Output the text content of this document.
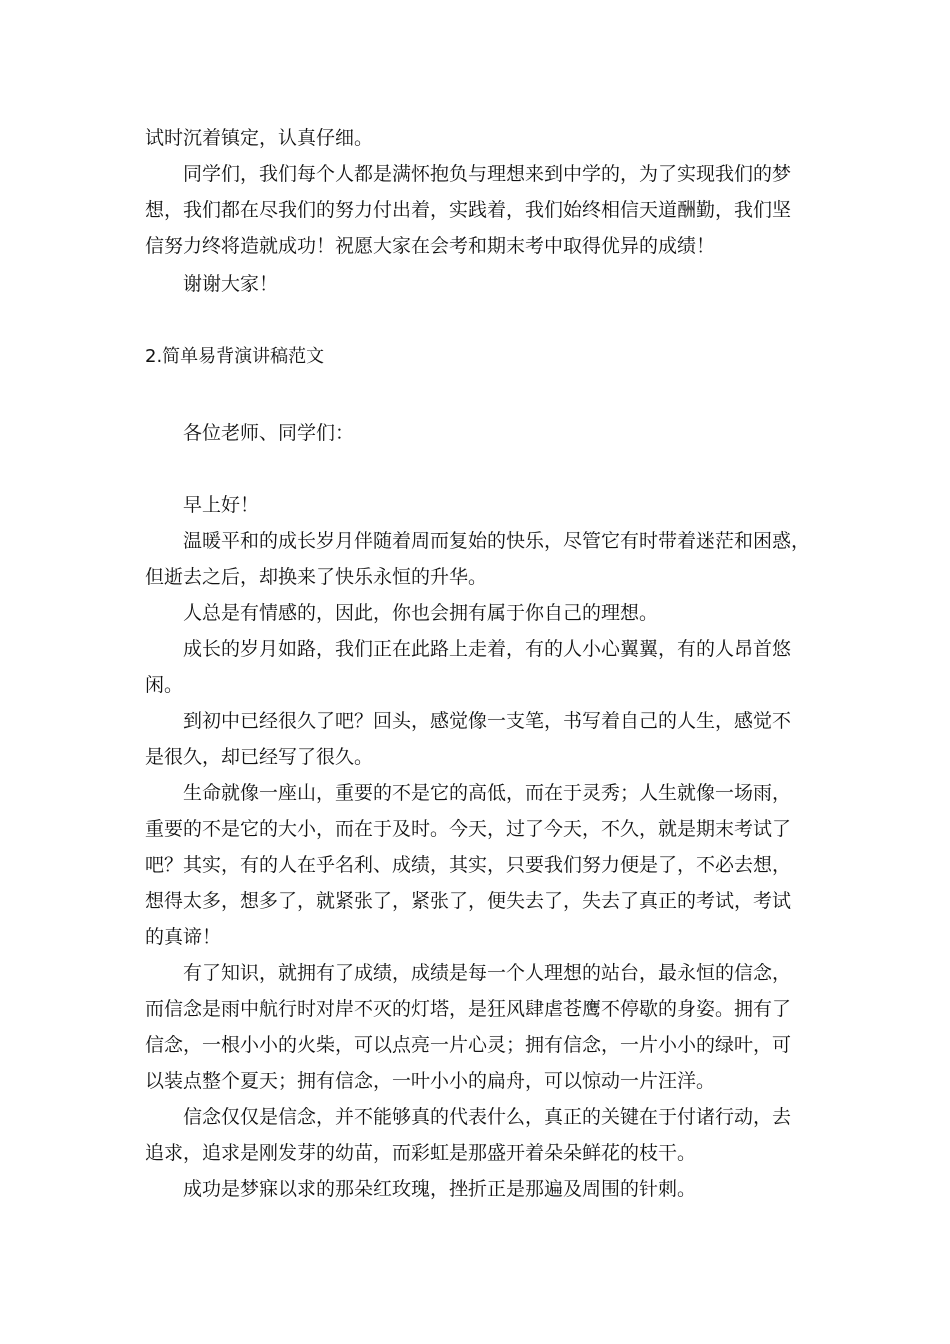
试时沉着镇定，认真仔细。

同学们，我们每个人都是满怀抱负与理想来到中学的，为了实现我们的梦

想，我们都在尽我们的努力付出着，实践着，我们始终相信天道酬勤，我们坚

信努力终将造就成功！祝愿大家在会考和期末考中取得优异的成绩！

谢谢大家！

2.简单易背演讲稿范文

各位老师、同学们：

早上好！

温暖平和的成长岁月伴随着周而复始的快乐，尽管它有时带着迷茫和困惑，

但逝去之后，却换来了快乐永恒的升华。

人总是有情感的，因此，你也会拥有属于你自己的理想。

成长的岁月如路，我们正在此路上走着，有的人小心翼翼，有的人昂首悠

闲。

到初中已经很久了吧？回头，感觉像一支笔，书写着自己的人生，感觉不

是很久，却已经写了很久。

生命就像一座山，重要的不是它的高低，而在于灵秀；人生就像一场雨，

重要的不是它的大小，而在于及时。今天，过了今天，不久，就是期末考试了

吧？其实，有的人在乎名利、成绩，其实，只要我们努力便是了，不必去想，

想得太多，想多了，就紧张了，紧张了，便失去了，失去了真正的考试，考试

的真谛！

有了知识，就拥有了成绩，成绩是每一个人理想的站台，最永恒的信念，

而信念是雨中航行时对岸不灭的灯塔，是狂风肆虐苍鹰不停歇的身姿。拥有了

信念，一根小小的火柴，可以点亮一片心灵；拥有信念，一片小小的绿叶，可

以装点整个夏天；拥有信念，一叶小小的扁舟，可以惊动一片汪洋。

信念仅仅是信念，并不能够真的代表什么，真正的关键在于付诸行动，去

追求，追求是刚发芽的幼苗，而彩虹是那盛开着朵朵鲜花的枝干。

成功是梦寐以求的那朵红玫瑰，挫折正是那遍及周围的针刺。
